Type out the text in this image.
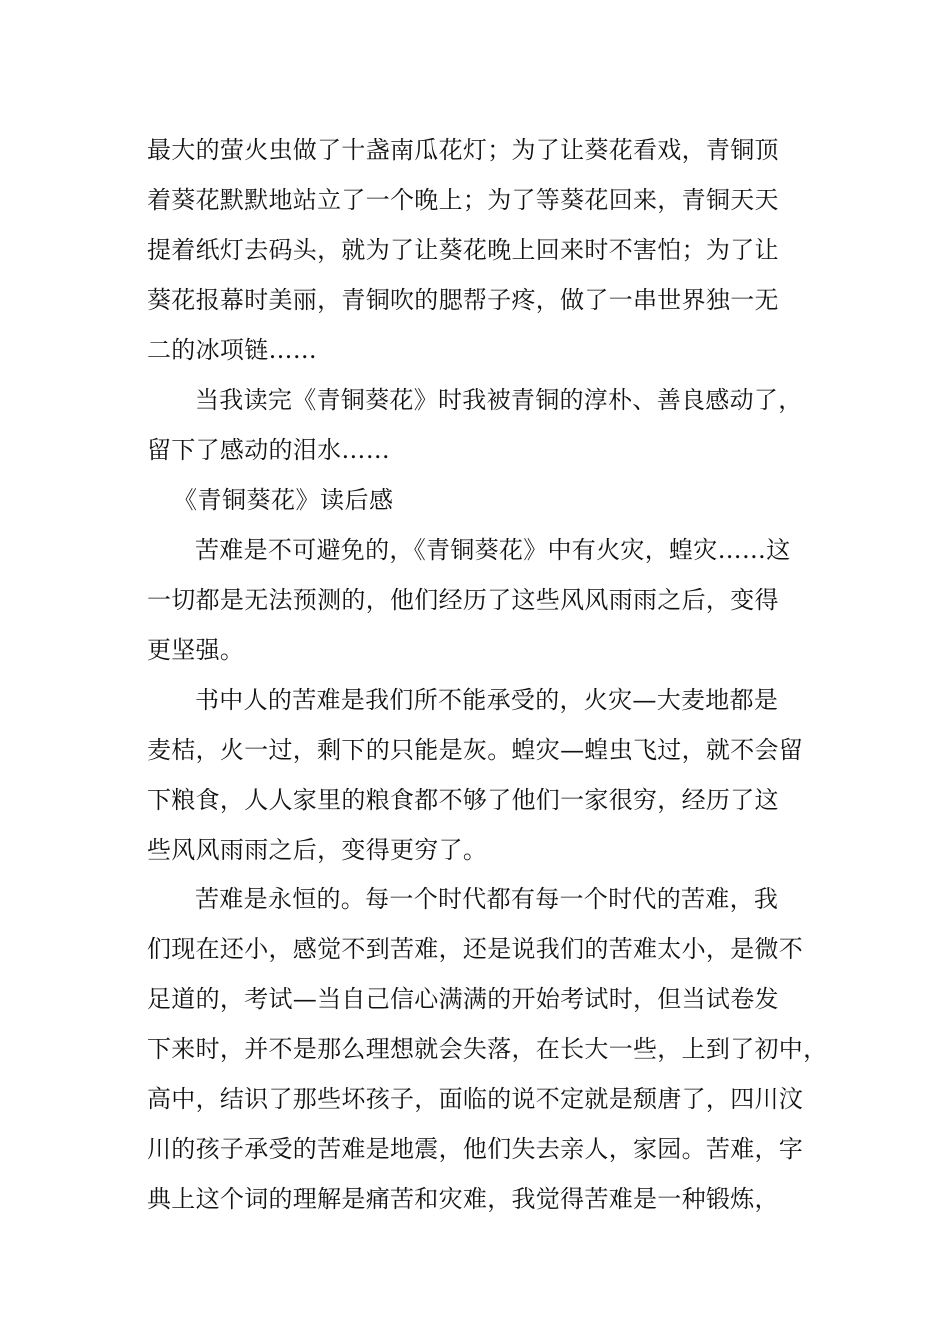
最大的萤火虫做了十盏南瓜花灯；为了让葵花看戏，青铜顶
着葵花默默地站立了一个晚上；为了等葵花回来，青铜天天
提着纸灯去码头，就为了让葵花晚上回来时不害怕；为了让
葵花报幕时美丽，青铜吹的腮帮子疼，做了一串世界独一无
二的冰项链……
当我读完《青铜葵花》时我被青铜的淳朴、善良感动了，
留下了感动的泪水……
《青铜葵花》读后感
苦难是不可避免的，《青铜葵花》中有火灾，蝗灾……这
一切都是无法预测的，他们经历了这些风风雨雨之后，变得
更坚强。
书中人的苦难是我们所不能承受的，火灾—大麦地都是
麦桔，火一过，剩下的只能是灰。蝗灾—蝗虫飞过，就不会留
下粮食，人人家里的粮食都不够了他们一家很穷，经历了这
些风风雨雨之后，变得更穷了。
苦难是永恒的。每一个时代都有每一个时代的苦难，我
们现在还小，感觉不到苦难，还是说我们的苦难太小，是微不
足道的，考试—当自己信心满满的开始考试时，但当试卷发
下来时，并不是那么理想就会失落，在长大一些，上到了初中，
高中，结识了那些坏孩子，面临的说不定就是颓唐了，四川汶
川的孩子承受的苦难是地震，他们失去亲人，家园。苦难，字
典上这个词的理解是痛苦和灾难，我觉得苦难是一种锻炼，
